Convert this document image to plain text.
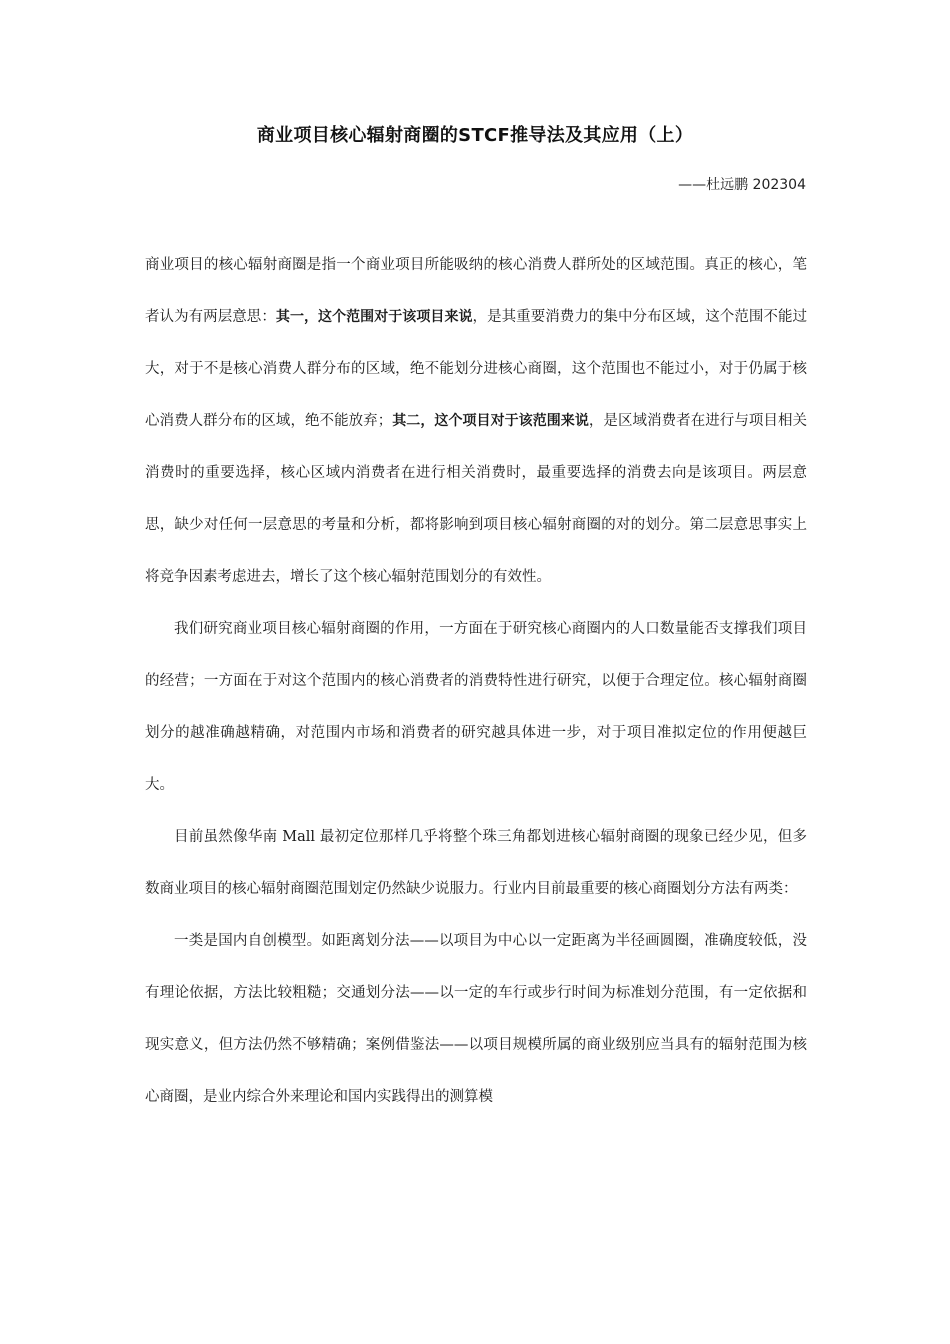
商业项目核心辐射商圈的STCF推导法及其应用（上）
——杜远鹏 202304

商业项目的核心辐射商圈是指一个商业项目所能吸纳的核心消费人群所处的区域范围。真正的核心，笔者认为有两层意思：其一，这个范围对于该项目来说，是其重要消费力的集中分布区域，这个范围不能过大，对于不是核心消费人群分布的区域，绝不能划分进核心商圈，这个范围也不能过小，对于仍属于核心消费人群分布的区域，绝不能放弃；其二，这个项目对于该范围来说，是区域消费者在进行与项目相关消费时的重要选择，核心区域内消费者在进行相关消费时，最重要选择的消费去向是该项目。两层意思，缺少对任何一层意思的考量和分析，都将影响到项目核心辐射商圈的对的划分。第二层意思事实上将竞争因素考虑进去，增长了这个核心辐射范围划分的有效性。

我们研究商业项目核心辐射商圈的作用，一方面在于研究核心商圈内的人口数量能否支撑我们项目的经营；一方面在于对这个范围内的核心消费者的消费特性进行研究，以便于合理定位。核心辐射商圈划分的越准确越精确，对范围内市场和消费者的研究越具体进一步，对于项目准拟定位的作用便越巨大。

目前虽然像华南 Mall 最初定位那样几乎将整个珠三角都划进核心辐射商圈的现象已经少见，但多数商业项目的核心辐射商圈范围划定仍然缺少说服力。行业内目前最重要的核心商圈划分方法有两类：

一类是国内自创模型。如距离划分法——以项目为中心以一定距离为半径画圆圈，准确度较低，没有理论依据，方法比较粗糙；交通划分法——以一定的车行或步行时间为标准划分范围，有一定依据和现实意义，但方法仍然不够精确；案例借鉴法——以项目规模所属的商业级别应当具有的辐射范围为核心商圈，是业内综合外来理论和国内实践得出的测算模
